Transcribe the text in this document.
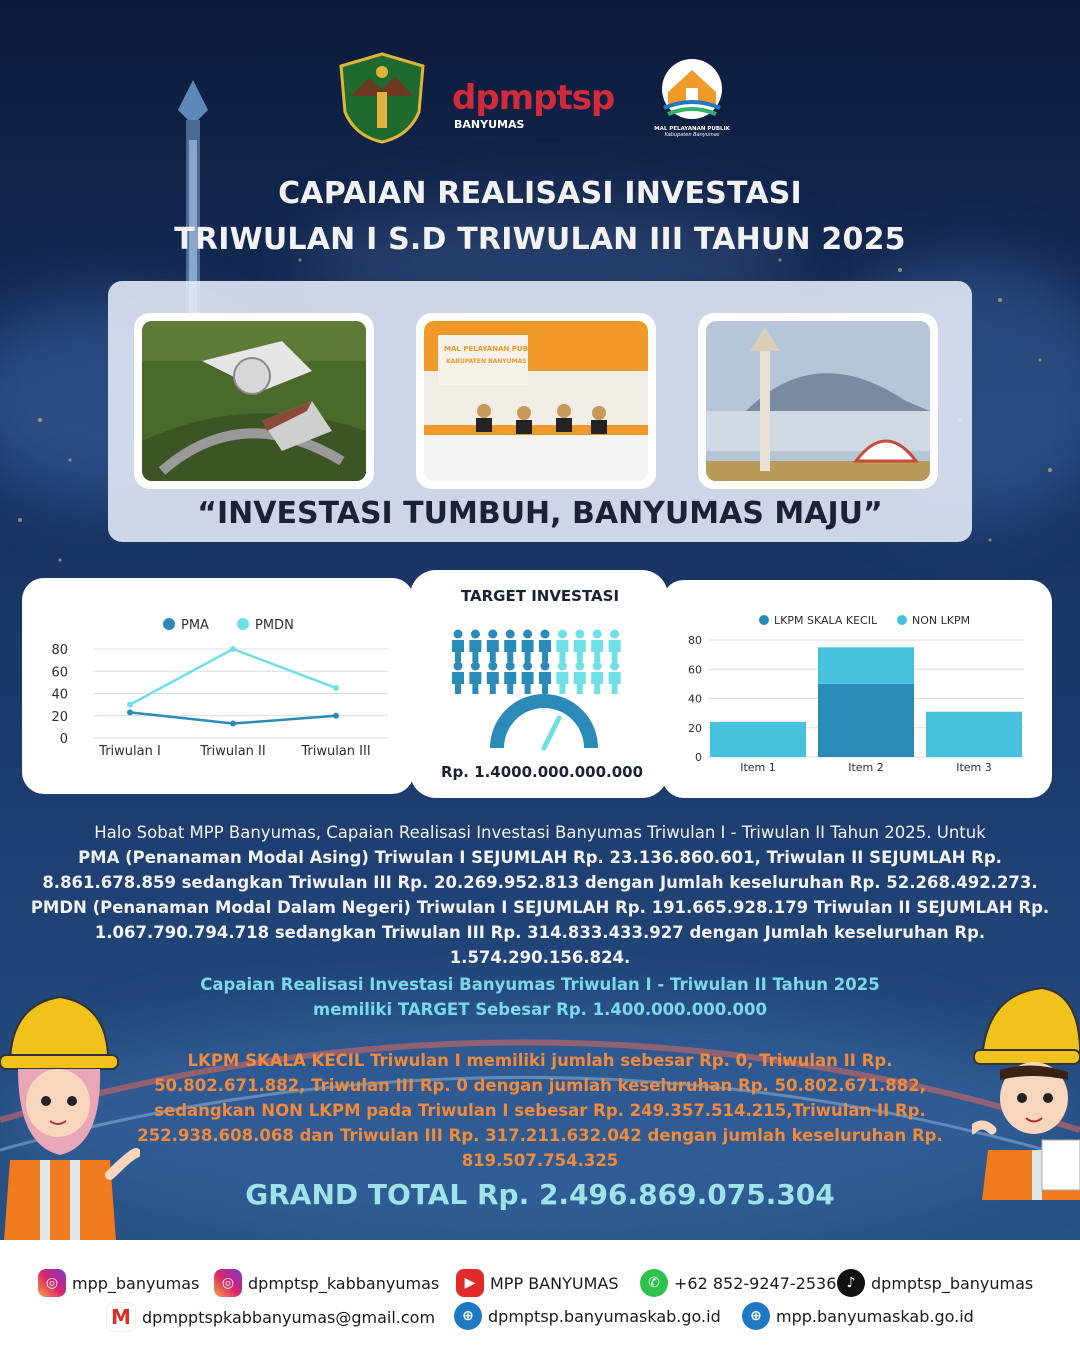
dpmptsp
BANYUMAS	MAL PELAYANAN PUBLIK
Kabupaten Banyumas
CAPAIAN REALISASI INVESTASI
TRIWULAN I S.D TRIWULAN III TAHUN 2025
MAL PELAYANAN PUBLIK
KABUPATEN BANYUMAS
“INVESTASI TUMBUH, BANYUMAS MAJU”
0
20
40
60
80
Triwulan I	Triwulan II	Triwulan III
PMA	PMDN
TARGET INVESTASI
Rp. 1.4000.000.000.000
0
20
40
60
80
Item 1	Item 2	Item 3
LKPM SKALA KECIL	NON LKPM
Halo Sobat MPP Banyumas, Capaian Realisasi Investasi Banyumas Triwulan I - Triwulan II Tahun 2025. Untuk
PMA (Penanaman Modal Asing) Triwulan I SEJUMLAH Rp. 23.136.860.601, Triwulan II SEJUMLAH Rp. 8.861.678.859 sedangkan Triwulan III Rp. 20.269.952.813 dengan Jumlah keseluruhan Rp. 52.268.492.273. PMDN (Penanaman Modal Dalam Negeri) Triwulan I SEJUMLAH Rp. 191.665.928.179 Triwulan II SEJUMLAH Rp. 1.067.790.794.718 sedangkan Triwulan III Rp. 314.833.433.927 dengan Jumlah keseluruhan Rp. 1.574.290.156.824.
Capaian Realisasi Investasi Banyumas Triwulan I - Triwulan II Tahun 2025 memiliki TARGET Sebesar Rp. 1.400.000.000.000
LKPM SKALA KECIL Triwulan I memiliki jumlah sebesar Rp. 0, Triwulan II Rp. 50.802.671.882, Triwulan III Rp. 0 dengan jumlah keseluruhan Rp. 50.802.671.882, sedangkan NON LKPM pada Triwulan I sebesar Rp. 249.357.514.215,Triwulan II Rp. 252.938.608.068 dan Triwulan III Rp. 317.211.632.042 dengan jumlah keseluruhan Rp. 819.507.754.325
GRAND TOTAL Rp. 2.496.869.075.304
◎ mpp_banyumas	◎ dpmptsp_kabbanyumas	▶ MPP BANYUMAS	✆ +62 852-9247-2536 ♪ dpmptsp_banyumas
M dpmpptspkabbanyumas@gmail.com	⊕ dpmptsp.banyumaskab.go.id	⊕ mpp.banyumaskab.go.id
